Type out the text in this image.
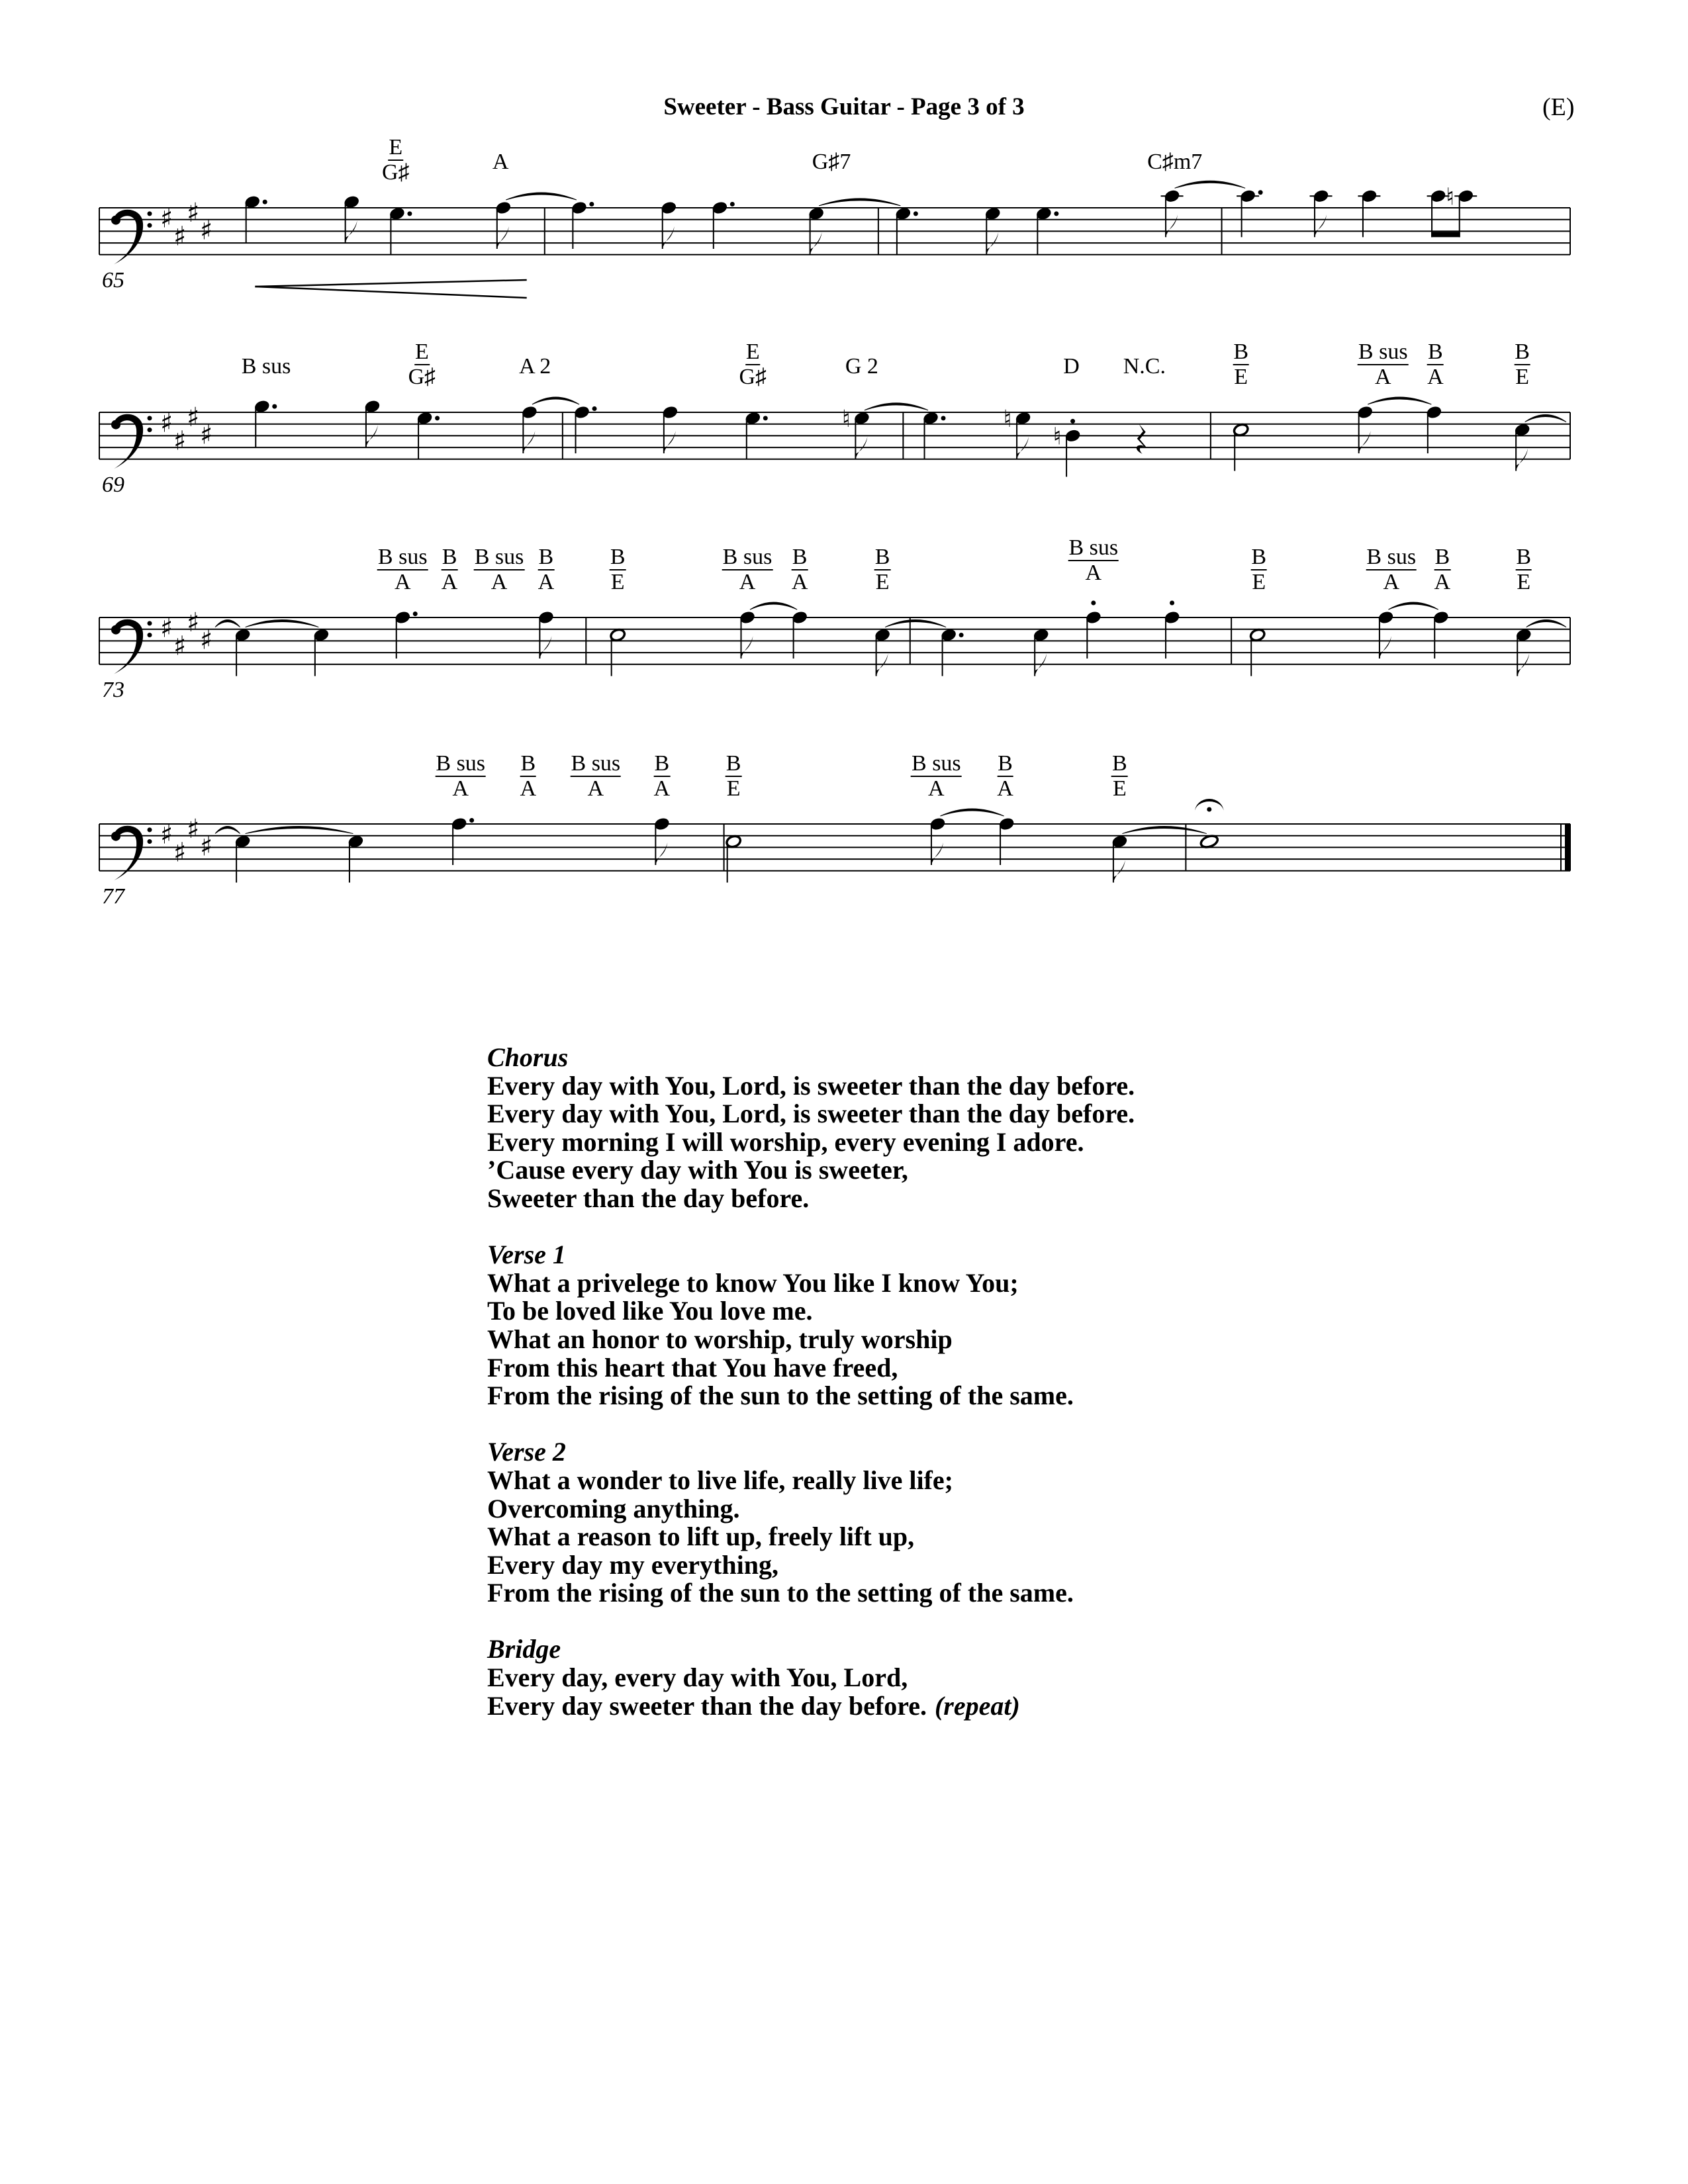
Sweeter - Bass Guitar - Page 3 of 3	(E)
♯
♯
♯
♯
♮
♯
♯
♯
♯
♮	♮
♮
♯
♯
♯
♯
♯
♯
♯
♯
E
G♯	A	G♯7	C♯m7
B sus
E
G♯	A 2
E
G♯	G 2	D N.C.
B
E
B sus
A
B
A
B
E
B sus
A
B
A
B sus
A
B
A
B
E
B sus
A
B
A
B
E
B sus
A
B
E
B sus
A
B
A
B
E
B sus
A
B
A
B sus
A
B
A
B
E
B sus
A
B
A
B
E
Chorus
Every day with You, Lord, is sweeter than the day before.
Every day with You, Lord, is sweeter than the day before.
Every morning I will worship, every evening I adore.
’Cause every day with You is sweeter,
Sweeter than the day before.
Verse 1
What a privelege to know You like I know You;
To be loved like You love me.
What an honor to worship, truly worship
From this heart that You have freed,
From the rising of the sun to the setting of the same.
Verse 2
What a wonder to live life, really live life;
Overcoming anything.
What a reason to lift up, freely lift up,
Every day my everything,
From the rising of the sun to the setting of the same.
Bridge
Every day, every day with You, Lord,
Every day sweeter than the day before. (repeat)
65
69
73
77
